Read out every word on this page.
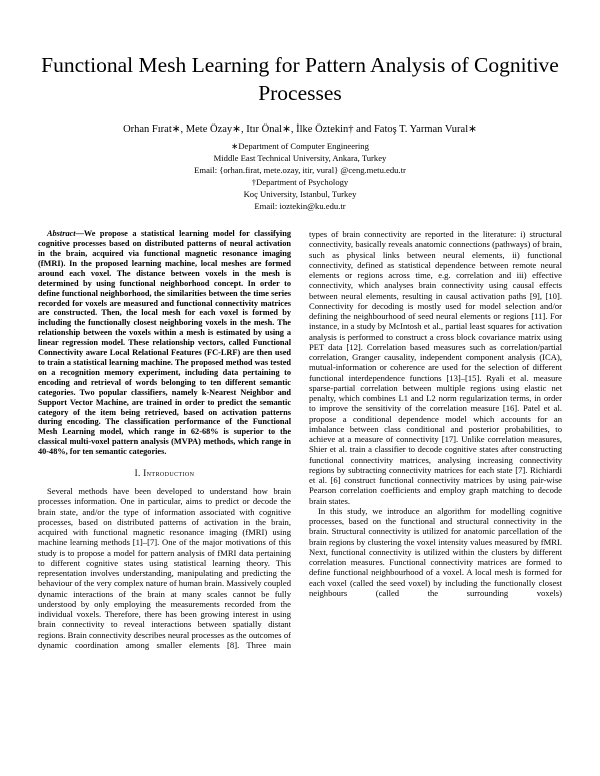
Functional Mesh Learning for Pattern Analysis of Cognitive Processes
Orhan Fırat∗, Mete Özay∗, Itır Önal∗, İlke Öztekin† and Fatoş T. Yarman Vural∗
∗Department of Computer Engineering
Middle East Technical University, Ankara, Turkey
Email: {orhan.firat, mete.ozay, itir, vural} @ceng.metu.edu.tr
†Department of Psychology
Koç University, Istanbul, Turkey
Email: ioztekin@ku.edu.tr

Abstract—We propose a statistical learning model for classifying cognitive processes based on distributed patterns of neural activation in the brain, acquired via functional magnetic resonance imaging (fMRI). In the proposed learning machine, local meshes are formed around each voxel. The distance between voxels in the mesh is determined by using functional neighborhood concept. In order to define functional neighborhood, the similarities between the time series recorded for voxels are measured and functional connectivity matrices are constructed. Then, the local mesh for each voxel is formed by including the functionally closest neighboring voxels in the mesh. The relationship between the voxels within a mesh is estimated by using a linear regression model. These relationship vectors, called Functional Connectivity aware Local Relational Features (FC-LRF) are then used to train a statistical learning machine. The proposed method was tested on a recognition memory experiment, including data pertaining to encoding and retrieval of words belonging to ten different semantic categories. Two popular classifiers, namely k-Nearest Neighbor and Support Vector Machine, are trained in order to predict the semantic category of the item being retrieved, based on activation patterns during encoding. The classification performance of the Functional Mesh Learning model, which range in 62-68% is superior to the classical multi-voxel pattern analysis (MVPA) methods, which range in 40-48%, for ten semantic categories.

I. Introduction

Several methods have been developed to understand how brain processes information. One in particular, aims to predict or decode the brain state, and/or the type of information associated with cognitive processes, based on distributed patterns of activation in the brain, acquired with functional magnetic resonance imaging (fMRI) using machine learning methods [1]–[7]. One of the major motivations of this study is to propose a model for pattern analysis of fMRI data pertaining to different cognitive states using statistical learning theory. This representation involves understanding, manipulating and predicting the behaviour of the very complex nature of human brain. Massively coupled dynamic interactions of the brain at many scales cannot be fully understood by only employing the measurements recorded from the individual voxels. Therefore, there has been growing interest in using brain connectivity to reveal interactions between spatially distant regions. Brain connectivity describes neural processes as the outcomes of dynamic coordination among smaller elements [8]. Three main

types of brain connectivity are reported in the literature: i) structural connectivity, basically reveals anatomic connections (pathways) of brain, such as physical links between neural elements, ii) functional connectivity, defined as statistical dependence between remote neural elements or regions across time, e.g. correlation and iii) effective connectivity, which analyses brain connectivity using causal effects between neural elements, resulting in causal activation paths [9], [10]. Connectivity for decoding is mostly used for model selection and/or defining the neighbourhood of seed neural elements or regions [11]. For instance, in a study by McIntosh et al., partial least squares for activation analysis is performed to construct a cross block covariance matrix using PET data [12]. Correlation based measures such as correlation/partial correlation, Granger causality, independent component analysis (ICA), mutual-information or coherence are used for the selection of different functional interdependence functions [13]–[15]. Ryali et al. measure sparse-partial correlation between multiple regions using elastic net penalty, which combines L1 and L2 norm regularization terms, in order to improve the sensitivity of the correlation measure [16]. Patel et al. propose a conditional dependence model which accounts for an imbalance between class conditional and posterior probabilities, to achieve at a measure of connectivity [17]. Unlike correlation measures, Shier et al. train a classifier to decode cognitive states after constructing functional connectivity matrices, analysing increasing connectivity regions by subtracting connectivity matrices for each state [7]. Richiardi et al. [6] construct functional connectivity matrices by using pair-wise Pearson correlation coefficients and employ graph matching to decode brain states.

In this study, we introduce an algorithm for modelling cognitive processes, based on the functional and structural connectivity in the brain. Structural connectivity is utilized for anatomic parcellation of the brain regions by clustering the voxel intensity values measured by fMRI. Next, functional connectivity is utilized within the clusters by different correlation measures. Functional connectivity matrices are formed to define functional neighbourhood of a voxel. A local mesh is formed for each voxel (called the seed voxel) by including the functionally closest neighbours (called the surrounding voxels)
